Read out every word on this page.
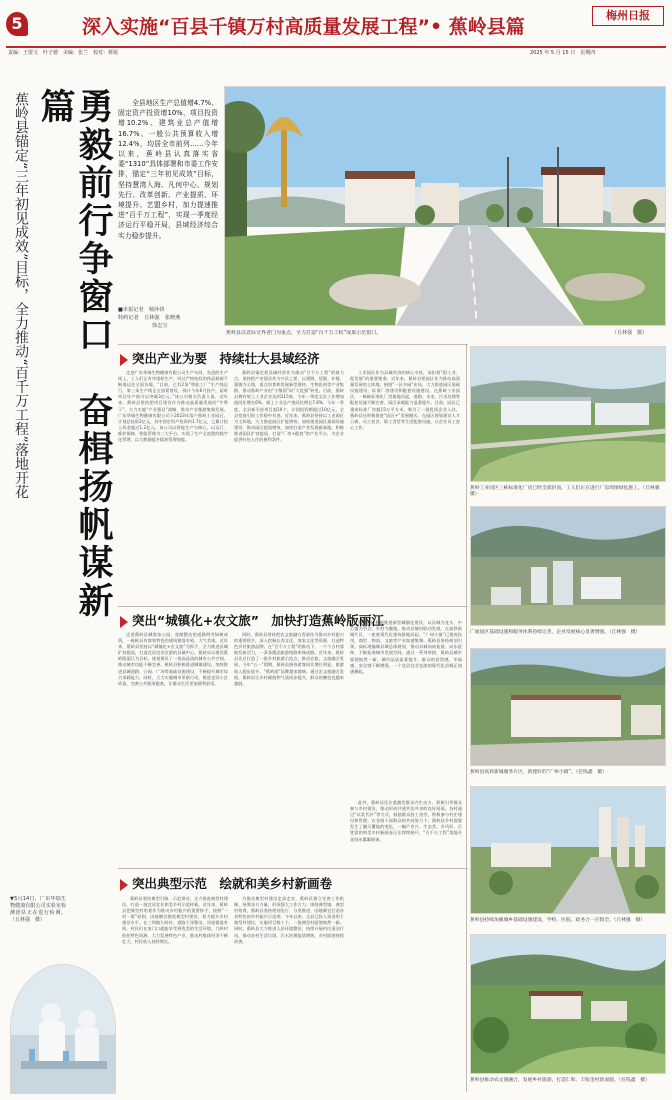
5	深入实施“百县千镇万村高质量发展工程”• 蕉岭县篇
梅州日报
责编：王要文　叶子德　美编：张兰　校对：蔡锐	2025 年 5 月 15 日　星期四
勇毅前行争窗口　奋楫扬帆谋新篇
蕉岭县锚定“三年初见成效”目标，全力推动“百千万工程”落地开花	全县地区生产总值增4.7%、固定资产投资增10%、项目投资增10.2%、建筑业总产值增16.7%、一般公共预算收入增12.4%，均居全市前列……今年以来，蕉岭县认真落实省委“1310”具体部署和市委工作安排，锚定“三年初见成效”目标，坚持慧湾入海、凡何中心、规划先行、改革创新、产业提质、环境提升、艺盟乡村，加力提速推进“百千万工程”，实现一季度经济运行平稳开局，县域经济综合实力稳步提升。
■本报记者　杨萍妍
特约记者　丘林强　张晓燕
徐志宝
蕉岭县以省际交界者门为重点，全力打造“百千万工程”成果示范窗口。	（丘林强　摄）
突出产业为要　持续壮大县域经济
走进广东华瑞生物健康有限公司生产车间，先进的生产线上，工人们正有序组织生产，经过严格检验的药品源源不断地运往全国各地。“目前，已有2条“智能工厂”生产线运行，第三条生产线正在加紧建设，预计今年6月投产，届时项目年产值可以突破3亿元。”该公司相关负责人说。近年来，蕉岭县坚持把项目建设作为推动高质量发展的“牛鼻子”，大力实施“产业强县”战略，推动产业集群集聚发展。广东华瑞生物健康有限公司于2023年落户蕉岭工业园区，计划总投资2亿元，其中固定资产投资约1.7亿元，已累计投入资金超过1.2亿元。该公司以智能生产为核心，以运行、维护保障、智能管理为三大平台，实现了生产全流程的数字化管理，以大数据提升精准管理效能。
蕉岭县锚定把县域经济作为推动“百千万工程”的着力点，坚持把产业强县作为兴县之要，以建链、延链、补链、强链为主线，重点培育和发展新型建材、生物医药等产业集群，推动蕉岭产业由“小散弱”向“大优强”转变。目前，蕉岭县拥有规上工业企业达到115家，今年一季度全县工业增加值同比增长6%，规上工业总产值同比增长7.8%。今年一季度，全县新引进项目超10个，计划投资额超过10亿元，全县招商引资工作稳中有进。近年来，蕉岭县坚持以工业园区为主阵地，大力推进园区扩能增效，加快推进园区基础设施建设，推动园区提质增效，加快打造产业发展新高地。积极推进园区扩容提质，打造“厂房+配套”的产业平台，为企业提供拎包入住的便利条件。
工业园区作为县域经济的核心支柱，承担着“稳工业、促发展”的重要使命。近年来，蕉岭县把园区作为推动高质量发展的主阵地，围绕“一区多园”布局，大力推进园区基础设施建设、标准厂房建设和配套设施建设。在蕉岭工业园区，一栋栋标准化厂房拔地而起，道路、水电、污水处理等配套设施不断完善，园区承载能力显著提升。目前，园区已建成标准厂房超15万平方米，吸引了一批优质企业入驻。蕉岭县还积极推进“园区+”发展模式，在园区规划建设人才公寓、员工宿舍、职工食堂等生活配套设施，让企业员工安心工作。
蕉岭县还积极推进新型城镇化建设，以县城为龙头、中心镇为节点、乡村为腹地，推动县镇村联动发展。在高铁新城片区，一座座现代化建筑拔地而起，“广州小镇”已建成投用，商贸、物流、文旅等产业加速集聚。蕉岭县坚持规划引领，高标准编制县城总体规划，推动县城向南拓展、向东延伸，不断拓展城市发展空间。通过一系列举措，蕉岭县城市面貌焕然一新，城市品质显著提升，群众的获得感、幸福感、安全感不断增强，一个宜居宜业宜游的现代化县城正加速崛起。
蕉岭工业园区三栋标准化厂房已经全部封顶，工人们正在进行厂房周围绿化施工。（丘林强　摄）
广福园区基础设施和服务体系持续完善，企业发展核心显著增强。（丘林强　摄）
突出“城镇化+农文旅”　加快打造蕉岭版丽江
走进蕉岭县城客家公园，宽敞整洁的道路两旁绿树成荫，一栋栋具有客家特色的建筑错落有致，大气美观。近年来，蕉岭县坚持以“城镇化+农文旅”为抓手，全力推进县城扩容提质，打造宜居宜业宜游的县域中心。蕉岭县以建设蕉岭版丽江为目标，规划建设了一批高品质的城市公共空间，推动城市功能不断完善。蕉岭县积极推进城镇建设，加快推进县城道路、公园、广场等基础设施建设，不断提升城市综合承载能力。同时，大力实施城市更新行动，推进老旧小区改造，完善公共服务配套，让群众生活更加便利舒适。
同时，蕉岭县坚持把农文旅融合发展作为推动乡村振兴的重要抓手，深入挖掘长寿文化、客家文化等资源，打造特色乡村旅游品牌。在“百千万工程”的推动下，一个个古村落焕发新活力，一条条精品旅游线路串珠成链。近年来，蕉岭县先后打造了一批乡村旅游示范点，推动农旅、文旅融合发展。今年“五一”假期，蕉岭县接待游客同比增长明显，旅游收入稳步提升，“蕉岭游”品牌越来越响。通过农文旅融合发展，蕉岭县让乡村颜值和气质同步提升，群众的腰包也越来越鼓。
蕉岭县高铁新城服务片区，新建好的“广州小镇”。（任钱鑫　摄）
蕉岭县持续加强城乡基础设施建设，学校、医院、政务合一应俱全。（丘林强　摄）
蕉岭县推动农文旅融合，发展乡村旅游，打造仁和、丰收金村新面貌。（任钱鑫　摄）
▼5月14日，广东华瑞生物健康有限公司实验室检测团队正在进行检测。（丘林强　摄）
突出典型示范　绘就和美乡村新画卷
蕉岭县坚持典型引路、示范带动，全力推进典型村建设，打造一批宜居宜业和美乡村示范样板。近年来，蕉岭县把典型村培育作为推动乡村振兴的重要抓手，按照“一村一策”原则，因地制宜推进典型村建设，着力提升乡村建设水平。在三圳镇九岭村，道路干净整洁，房屋错落有致，村民们在家门口就能享受到优美的生活环境。九岭村依托特色资源，大力发展特色产业，推动村集体经济不断壮大，村民收入持续增长。
为推动典型村建设走深走实，蕉岭县建立完善工作机制，统筹各方力量，形成强大工作合力。围绕典型镇、典型村培育，蕉岭县坚持规划先行，分类推进，因地制宜打造各具特色的乡村振兴示范带。今年以来，全县已投入资金用于典型村建设，实施项目数十个，一批典型村面貌焕然一新。同时，蕉岭县大力推进人居环境整治，持续开展村庄清洁行动，推动农村生活垃圾、污水治理提质增效，乡村面貌持续改善。
此外，蕉岭县还注重激发群众内生动力，积极引导群众参与乡村建设，推动形成共建共治共享的良好局面。各村通过“以奖代补”等方式，鼓励群众投工投劳，积极参与村庄建设和管理。在各级干部群众的共同努力下，蕉岭县乡村面貌发生了翻天覆地的变化，一幅产业兴、生态美、乡风好、百姓富的和美乡村新画卷正在徐徐展开，“百千万工程”落地开花结出累累硕果。
